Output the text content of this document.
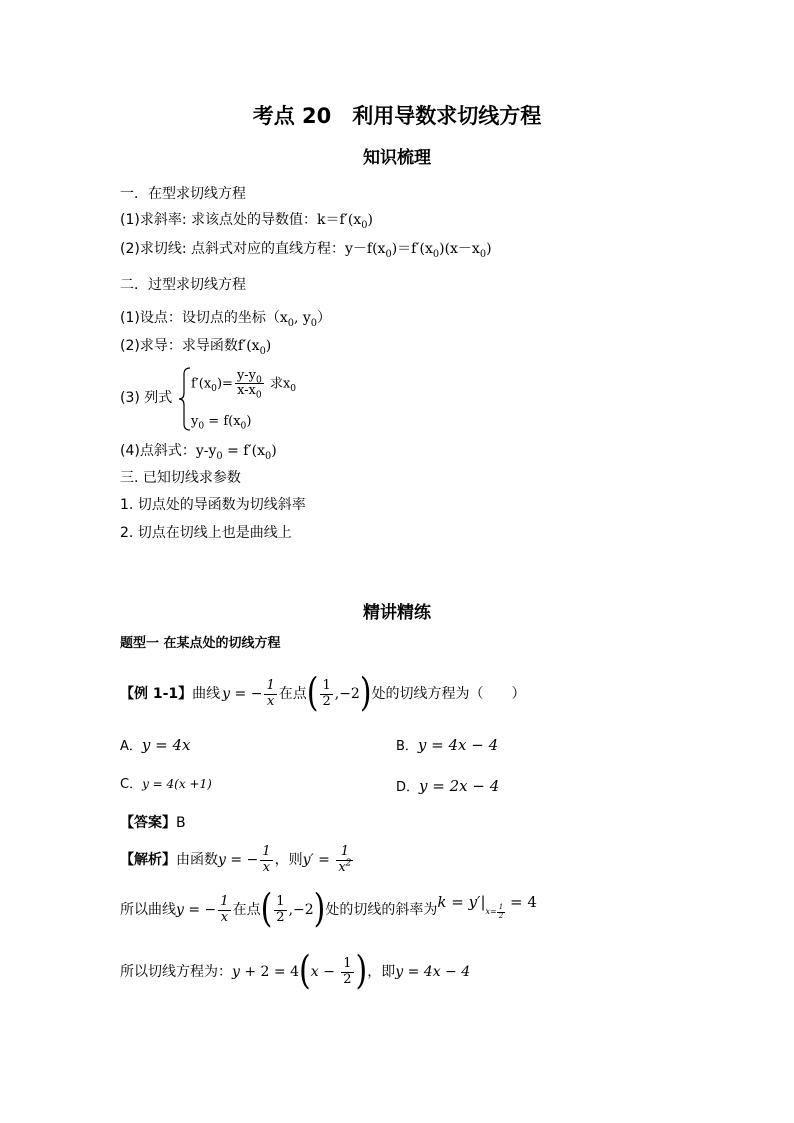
考点 20　利用导数求切线方程
知识梳理
一．在型求切线方程
(1)求斜率: 求该点处的导数值：$k=f'(x_0)$
(2)求切线: 点斜式对应的直线方程：$y-f(x_0)=f'(x_0)(x-x_0)$
二．过型求切线方程
(1)设点：设切点的坐标（$x_0$, $y_0$）
(2)求导：求导函数$f'(x_0)$
(3) 列式
$f'(x_0)= \frac{y-y_0}{x-x_0}$ 求$x_0$
$y_0 = f(x_0)$
(4)点斜式：$y-y_0 = f'(x_0)$
三. 已知切线求参数
1. 切点处的导函数为切线斜率
2. 切点在切线上也是曲线上
精讲精练
题型一 在某点处的切线方程
【例 1-1】 曲线 y = − $\frac{1}{x}$ 在点 ( $\frac{1}{2} ,-2$ ) 处的切线方程为（　　）
A．y = 4x	B．y = 4x − 4
C．y = 4(x +1)	D．y = 2x − 4
【答案】B
【解析】 由函数 y = − $\frac{1}{x}$ ，则 $y' = \frac{1}{x^2}$
所以曲线 y = − $\frac{1}{x}$ 在点 ( $\frac{1}{2} ,-2$ ) 处的切线的斜率为 k = y′ |
$x= \frac{1}{2}$
= 4
所以切线方程为： y + 2 = 4 ( $x - \frac{1}{2}$ ) ，即 y = 4x − 4
